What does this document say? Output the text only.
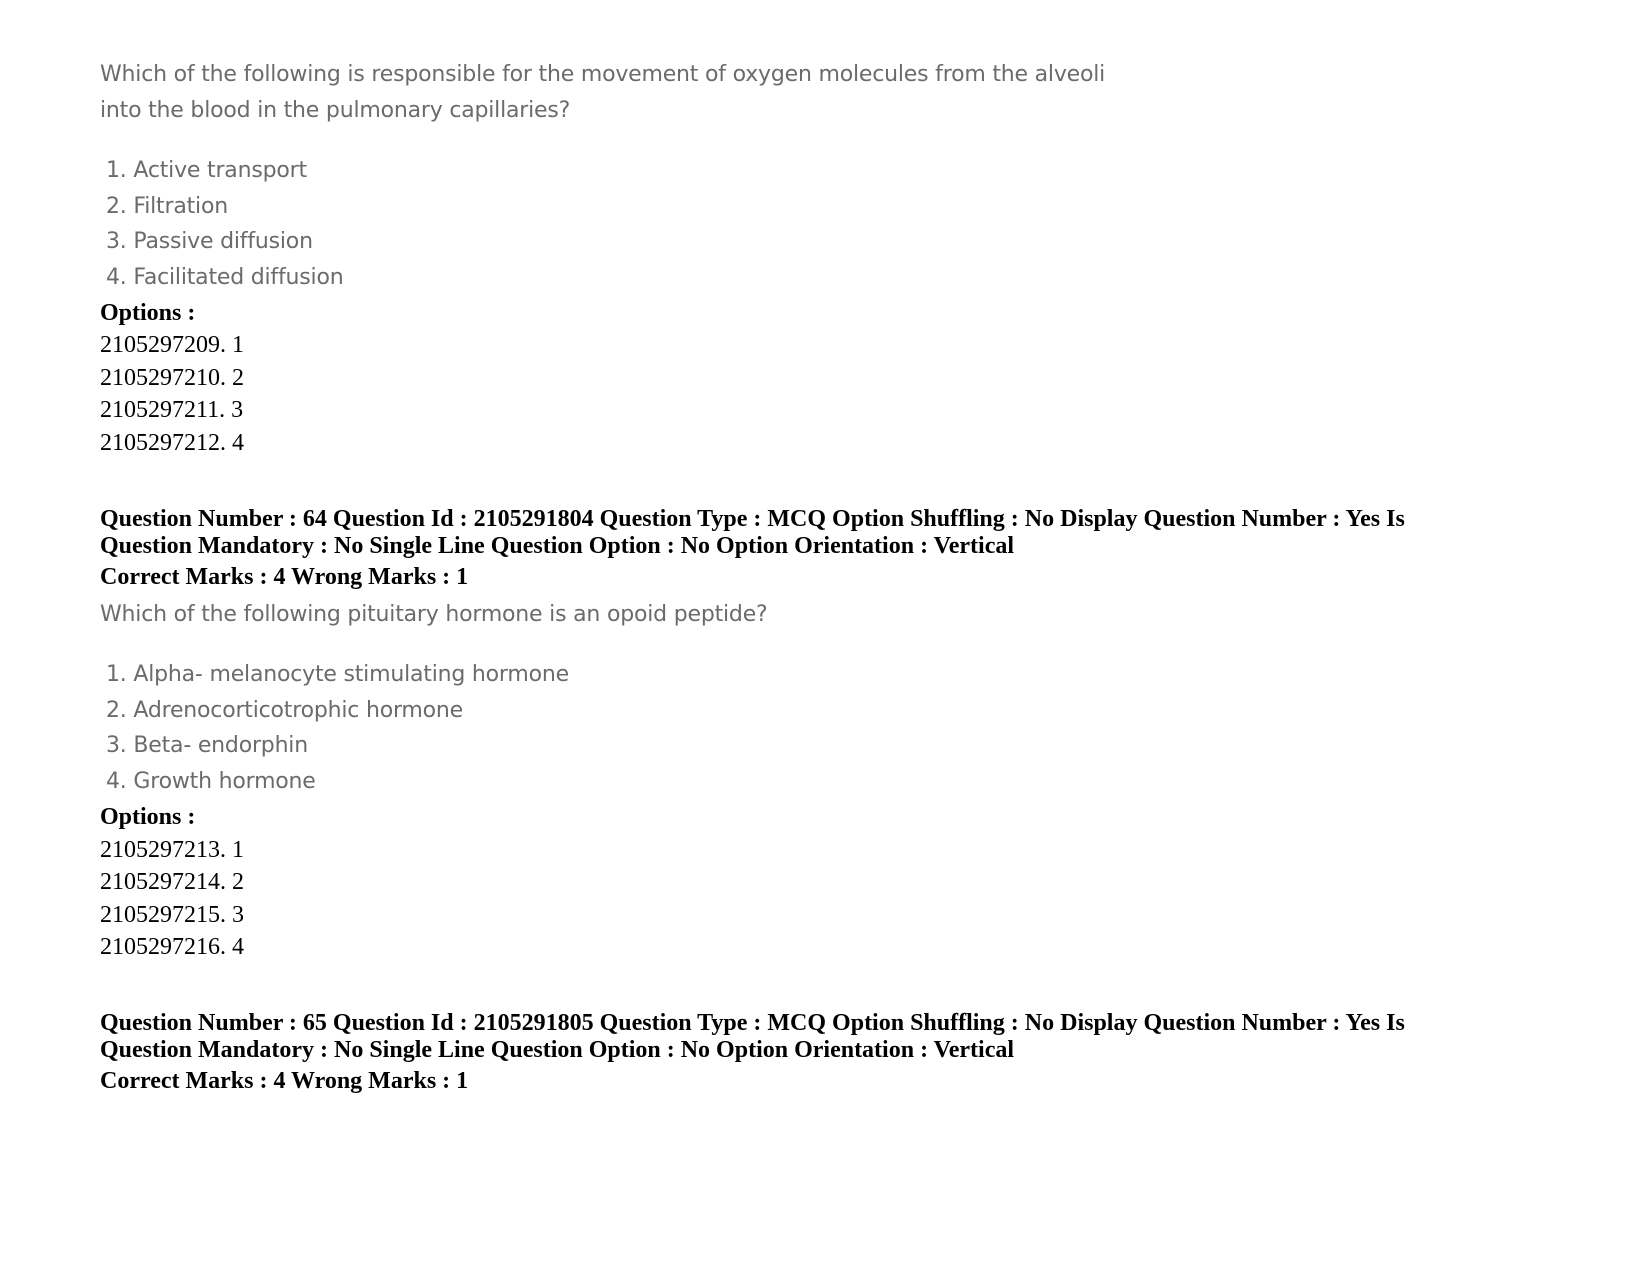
Which of the following is responsible for the movement of oxygen molecules from the alveoli
into the blood in the pulmonary capillaries?
1. Active transport
2. Filtration
3. Passive diffusion
4. Facilitated diffusion
Options :
2105297209. 1
2105297210. 2
2105297211. 3
2105297212. 4
Question Number : 64 Question Id : 2105291804 Question Type : MCQ Option Shuffling : No Display Question Number : Yes Is
Question Mandatory : No Single Line Question Option : No Option Orientation : Vertical
Correct Marks : 4 Wrong Marks : 1
Which of the following pituitary hormone is an opoid peptide?
1. Alpha- melanocyte stimulating hormone
2. Adrenocorticotrophic hormone
3. Beta- endorphin
4. Growth hormone
Options :
2105297213. 1
2105297214. 2
2105297215. 3
2105297216. 4
Question Number : 65 Question Id : 2105291805 Question Type : MCQ Option Shuffling : No Display Question Number : Yes Is
Question Mandatory : No Single Line Question Option : No Option Orientation : Vertical
Correct Marks : 4 Wrong Marks : 1
